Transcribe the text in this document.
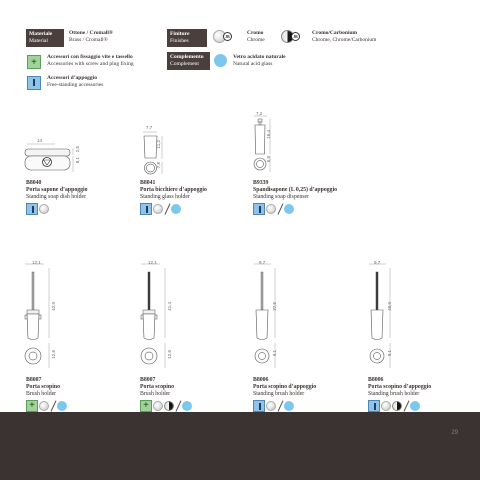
Materiale
Material
Ottone / Cromall®
Brass / Cromall®
Finiture
Finishes
JB
Cromo
Chrome	JB
Cromo/Carbonium
Chrome, Chrome/Carbonium
+
Accessori con fissaggio vite e tassello
Accessories with screw and plug fixing
Complemento
Complement
Vetro acidato naturale
Natural acid glass
Accessori d’appoggio
Free-standing accessories
14
2,5
8,1
7,7
11,2
7,8
7,2
16,4
6,9
B8040
Porta sapone d’appoggio
Standing soap dish holder
B8041
Porta bicchiere d’appoggio
Standing glass holder
B9339
Spandisapone (L 0,25) d’appoggio
Standing soap dispenser
12,1
42,9
12,6
12,1
41,4
12,6
9,7
37,5
9,1
9,7
40,9
9,1
B8007
Porta scopino
Brush holder
+
B8007
Porta scopino
Brush holder
+
B8006
Porta scopino d’appoggio
Standing brush holder
B8006
Porta scopino d’appoggio
Standing brush holder
29
